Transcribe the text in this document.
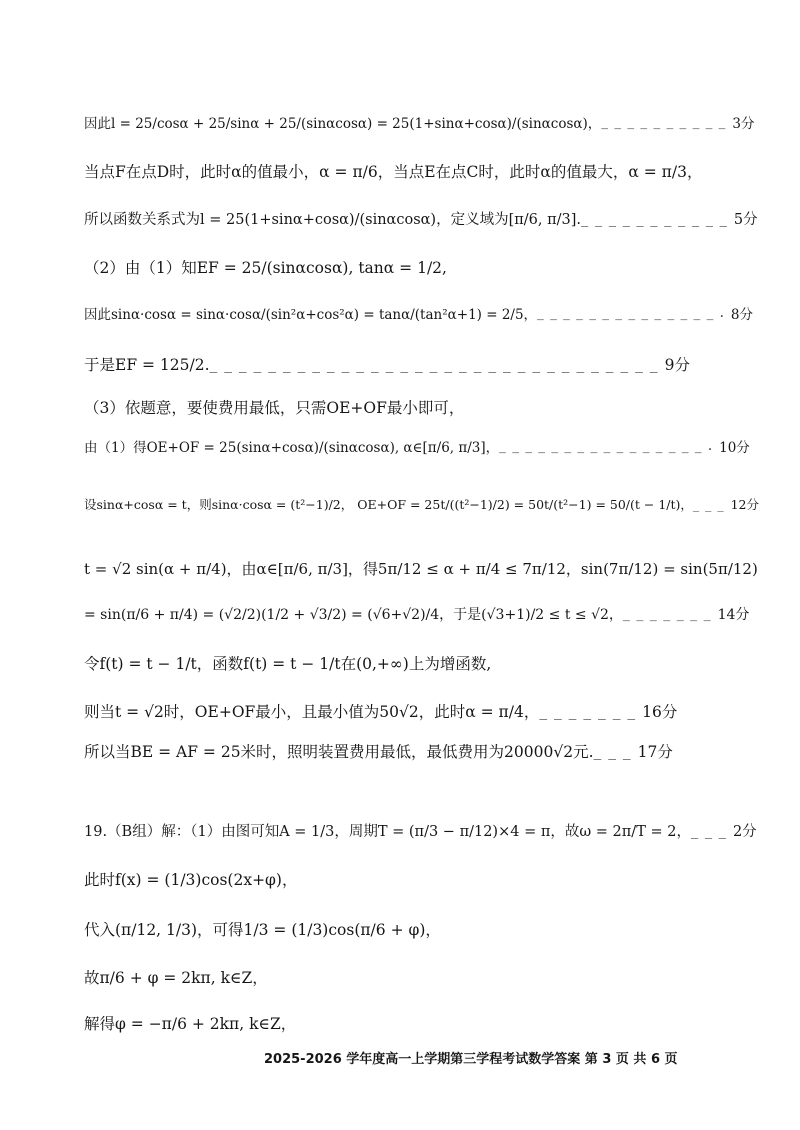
因此l = 25/cosα + 25/sinα + 25/(sinαcosα) = 25(1+sinα+cosα)/(sinαcosα)， _ _ _ _ _ _ _ _ _ _ 3分
当点F在点D时，此时α的值最小，α = π/6，当点E在点C时，此时α的值最大，α = π/3，
所以函数关系式为l = 25(1+sinα+cosα)/(sinαcosα)，定义域为[π/6, π/3]. _ _ _ _ _ _ _ _ _ _ _ 5分
（2）由（1）知EF = 25/(sinαcosα), tanα = 1/2,
因此sinα·cosα = sinα·cosα/(sin²α+cos²α) = tanα/(tan²α+1) = 2/5， _ _ _ _ _ _ _ _ _ _ _ _ _ _ . 8分
于是EF = 125/2. _ _ _ _ _ _ _ _ _ _ _ _ _ _ _ _ _ _ _ _ _ _ _ _ _ _ _ _ _ _ _ 9分
（3）依题意，要使费用最低，只需OE+OF最小即可，
由（1）得OE+OF = 25(sinα+cosα)/(sinαcosα), α∈[π/6, π/3]， _ _ _ _ _ _ _ _ _ _ _ _ _ _ _ _ . 10分
设sinα+cosα = t，则sinα·cosα = (t²−1)/2， OE+OF = 25t/((t²−1)/2) = 50t/(t²−1) = 50/(t − 1/t)， _ _ _ 12分
t = √2 sin(α + π/4)，由α∈[π/6, π/3]，得5π/12 ≤ α + π/4 ≤ 7π/12，sin(7π/12) = sin(5π/12)
= sin(π/6 + π/4) = (√2/2)(1/2 + √3/2) = (√6+√2)/4，于是(√3+1)/2 ≤ t ≤ √2， _ _ _ _ _ _ _ 14分
令f(t) = t − 1/t，函数f(t) = t − 1/t在(0,+∞)上为增函数,
则当t = √2时，OE+OF最小，且最小值为50√2，此时α = π/4， _ _ _ _ _ _ _ 16分
所以当BE = AF = 25米时，照明装置费用最低，最低费用为20000√2元. _ _ _ 17分
19.（B组）解：（1）由图可知A = 1/3，周期T = (π/3 − π/12)×4 = π，故ω = 2π/T = 2， _ _ _ 2分
此时f(x) = (1/3)cos(2x+φ)，
代入(π/12, 1/3)，可得1/3 = (1/3)cos(π/6 + φ)，
故π/6 + φ = 2kπ, k∈Z，
解得φ = −π/6 + 2kπ, k∈Z，
2025-2026 学年度高一上学期第三学程考试数学答案 第 3 页 共 6 页
